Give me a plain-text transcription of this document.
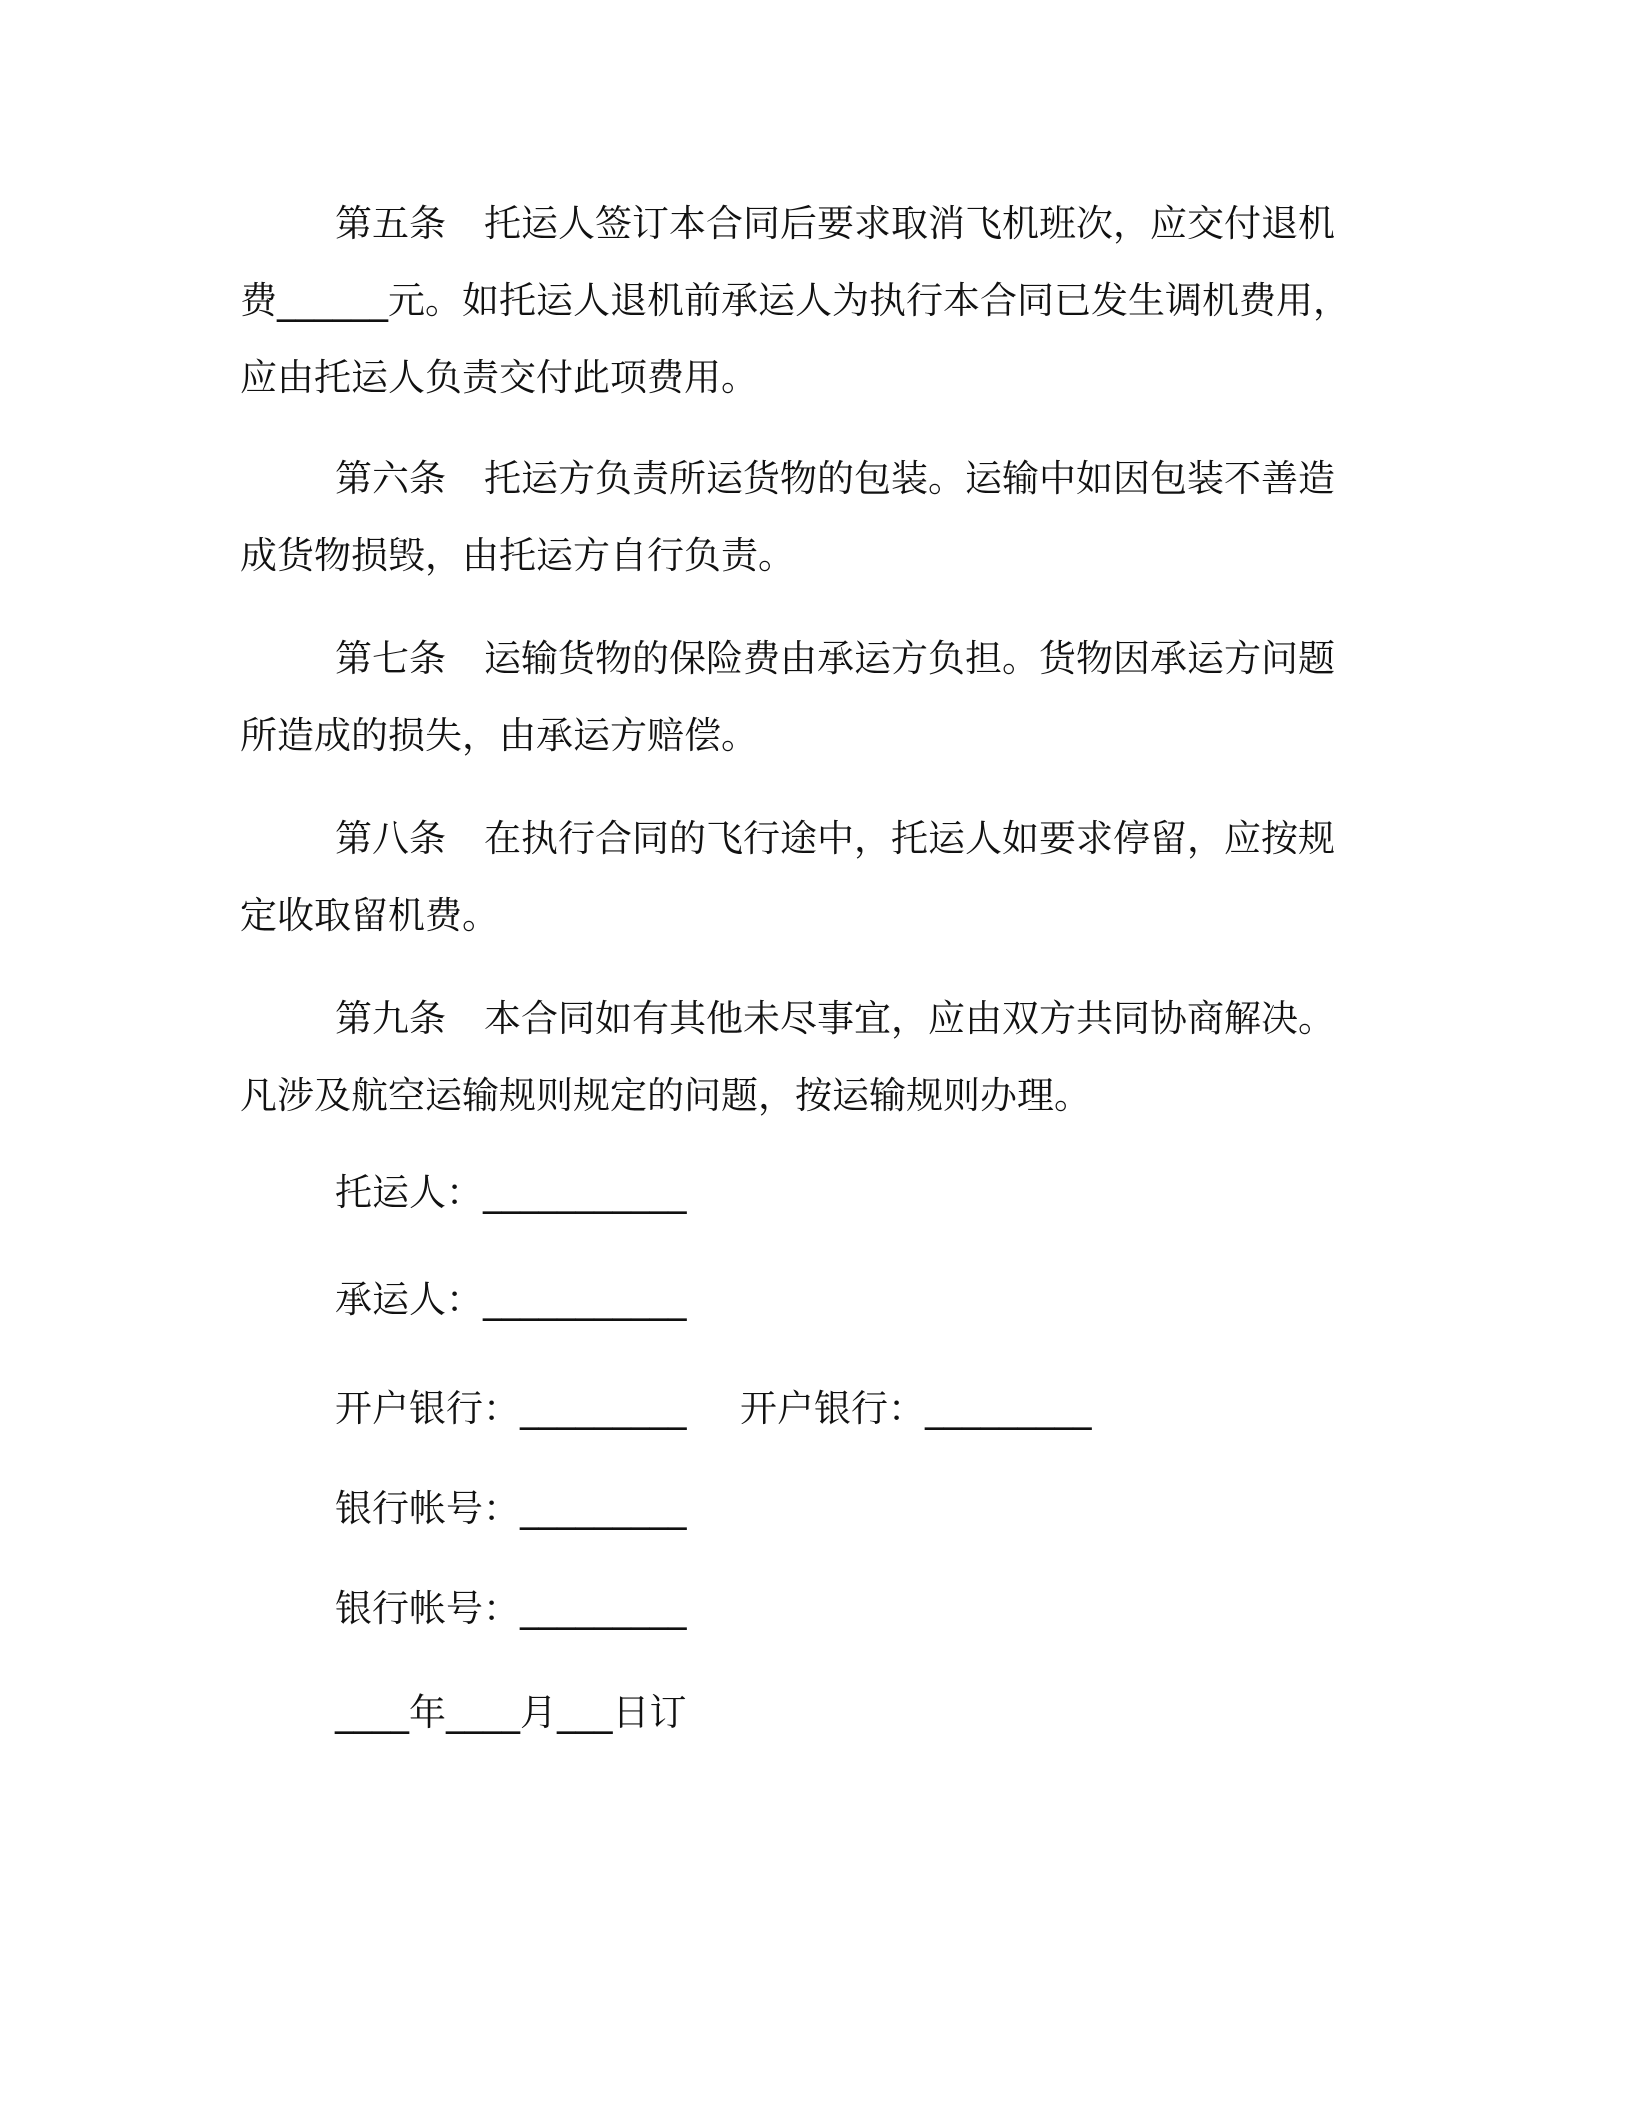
第五条 托运人签订本合同后要求取消飞机班次，应交付退机费______元。如托运人退机前承运人为执行本合同已发生调机费用，应由托运人负责交付此项费用。
第六条 托运方负责所运货物的包装。运输中如因包装不善造成货物损毁，由托运方自行负责。
第七条 运输货物的保险费由承运方负担。货物因承运方问题所造成的损失，由承运方赔偿。
第八条 在执行合同的飞行途中，托运人如要求停留，应按规定收取留机费。
第九条 本合同如有其他未尽事宜，应由双方共同协商解决。凡涉及航空运输规则规定的问题，按运输规则办理。
托运人：___________
承运人：___________
开户银行：_________ 开户银行：_________
银行帐号：_________
银行帐号：_________
____年____月___日订
